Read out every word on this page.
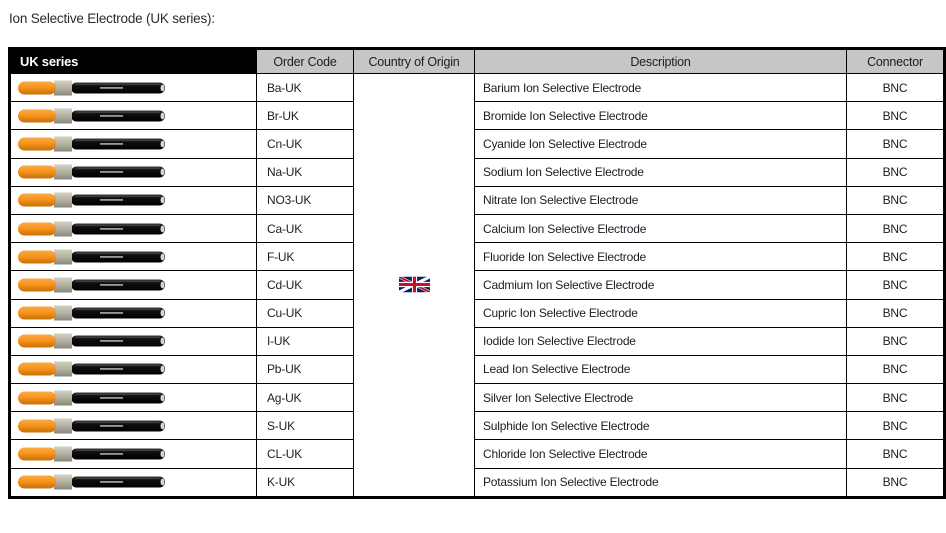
Ion Selective Electrode (UK series):
UK series	Order Code	Country of Origin	Description	Connector

	Ba-UK		Barium Ion Selective Electrode	BNC

	Br-UK		Bromide Ion Selective Electrode	BNC

	Cn-UK		Cyanide Ion Selective Electrode	BNC

	Na-UK		Sodium Ion Selective Electrode	BNC

	NO3-UK		Nitrate Ion Selective Electrode	BNC

	Ca-UK		Calcium Ion Selective Electrode	BNC

	F-UK		Fluoride Ion Selective Electrode	BNC

	Cd-UK		Cadmium Ion Selective Electrode	BNC

	Cu-UK		Cupric Ion Selective Electrode	BNC

	I-UK		Iodide Ion Selective Electrode	BNC

	Pb-UK		Lead Ion Selective Electrode	BNC

	Ag-UK		Silver Ion Selective Electrode	BNC

	S-UK		Sulphide Ion Selective Electrode	BNC

	CL-UK		Chloride Ion Selective Electrode	BNC

	K-UK		Potassium Ion Selective Electrode	BNC
